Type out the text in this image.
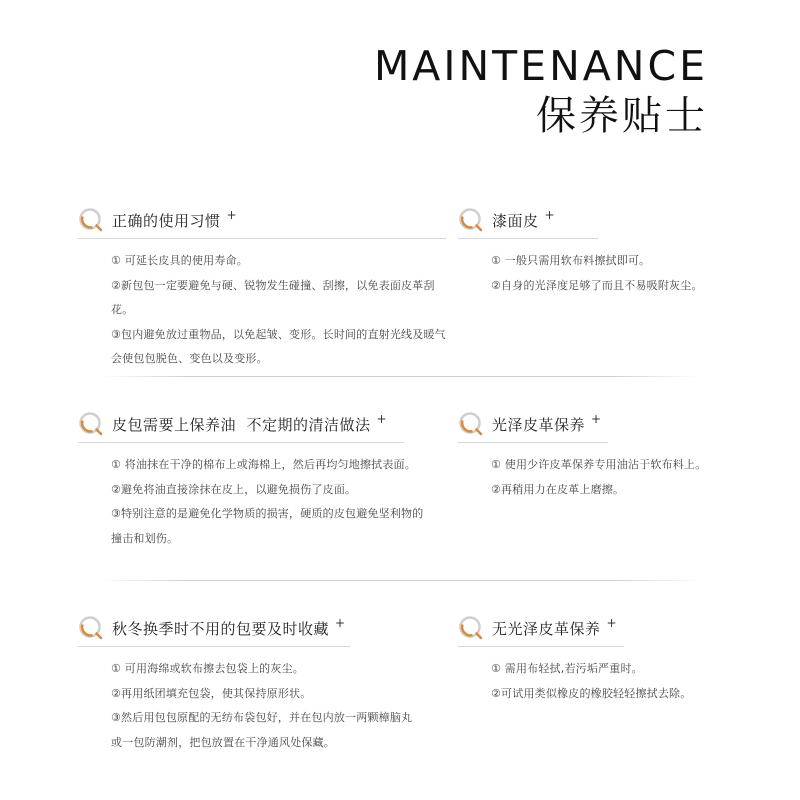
MAINTENANCE
保养贴士
正确的使用习惯 +
① 可延长皮具的使用寿命。
②新包包一定要避免与硬、锐物发生碰撞、刮擦，以免表面皮革刮花。
③包内避免放过重物品，以免起皱、变形。长时间的直射光线及暖气
会使包包脱色、变色以及变形。
漆面皮 +
① 一般只需用软布料擦拭即可。
②自身的光泽度足够了而且不易吸附灰尘。
皮包需要上保养油  不定期的清洁做法 +
① 将油抹在干净的棉布上或海棉上，然后再均匀地擦拭表面。
②避免将油直接涂抹在皮上，以避免损伤了皮面。
③特别注意的是避免化学物质的损害，硬质的皮包避免坚利物的
撞击和划伤。
光泽皮革保养 +
① 使用少许皮革保养专用油沾于软布料上。
②再稍用力在皮革上磨擦。
秋冬换季时不用的包要及时收藏 +
① 可用海绵或软布擦去包袋上的灰尘。
②再用纸团填充包袋，使其保持原形状。
③然后用包包原配的无纺布袋包好，并在包内放一两颗樟脑丸
或一包防潮剂，把包放置在干净通风处保藏。
无光泽皮革保养 +
① 需用布轻拭,若污垢严重时。
②可试用类似橡皮的橡胶轻轻擦拭去除。
